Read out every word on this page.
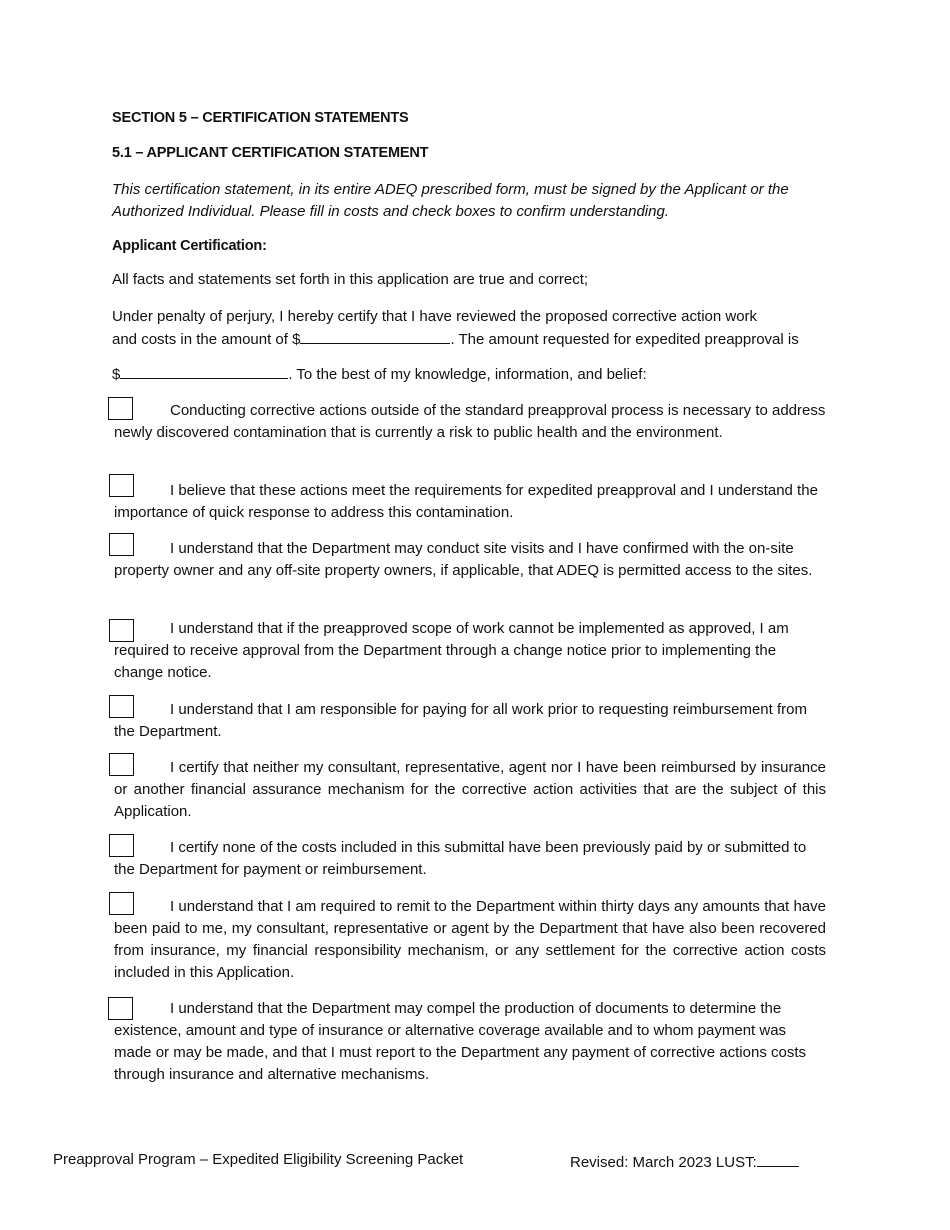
SECTION 5 – CERTIFICATION STATEMENTS
5.1 – APPLICANT CERTIFICATION STATEMENT
This certification statement, in its entire ADEQ prescribed form, must be signed by the Applicant or the Authorized Individual. Please fill in costs and check boxes to confirm understanding.
Applicant Certification:
All facts and statements set forth in this application are true and correct;
Under penalty of perjury, I hereby certify that I have reviewed the proposed corrective action work
and costs in the amount of $	. The amount requested for expedited preapproval is
$	. To the best of my knowledge, information, and belief:
Conducting corrective actions outside of the standard preapproval process is necessary to address newly discovered contamination that is currently a risk to public health and the environment.
I believe that these actions meet the requirements for expedited preapproval and I understand the importance of quick response to address this contamination.
I understand that the Department may conduct site visits and I have confirmed with the on-site property owner and any off-site property owners, if applicable, that ADEQ is permitted access to the sites.
I understand that if the preapproved scope of work cannot be implemented as approved, I am required to receive approval from the Department through a change notice prior to implementing the change notice.
I understand that I am responsible for paying for all work prior to requesting reimbursement from the Department.
I certify that neither my consultant, representative, agent nor I have been reimbursed by insurance or another financial assurance mechanism for the corrective action activities that are the subject of this Application.
I certify none of the costs included in this submittal have been previously paid by or submitted to the Department for payment or reimbursement.
I understand that I am required to remit to the Department within thirty days any amounts that have been paid to me, my consultant, representative or agent by the Department that have also been recovered from insurance, my financial responsibility mechanism, or any settlement for the corrective action costs included in this Application.
I understand that the Department may compel the production of documents to determine the existence, amount and type of insurance or alternative coverage available and to whom payment was made or may be made, and that I must report to the Department any payment of corrective actions costs through insurance and alternative mechanisms.
Preapproval Program – Expedited Eligibility Screening Packet	Revised: March 2023 LUST:
